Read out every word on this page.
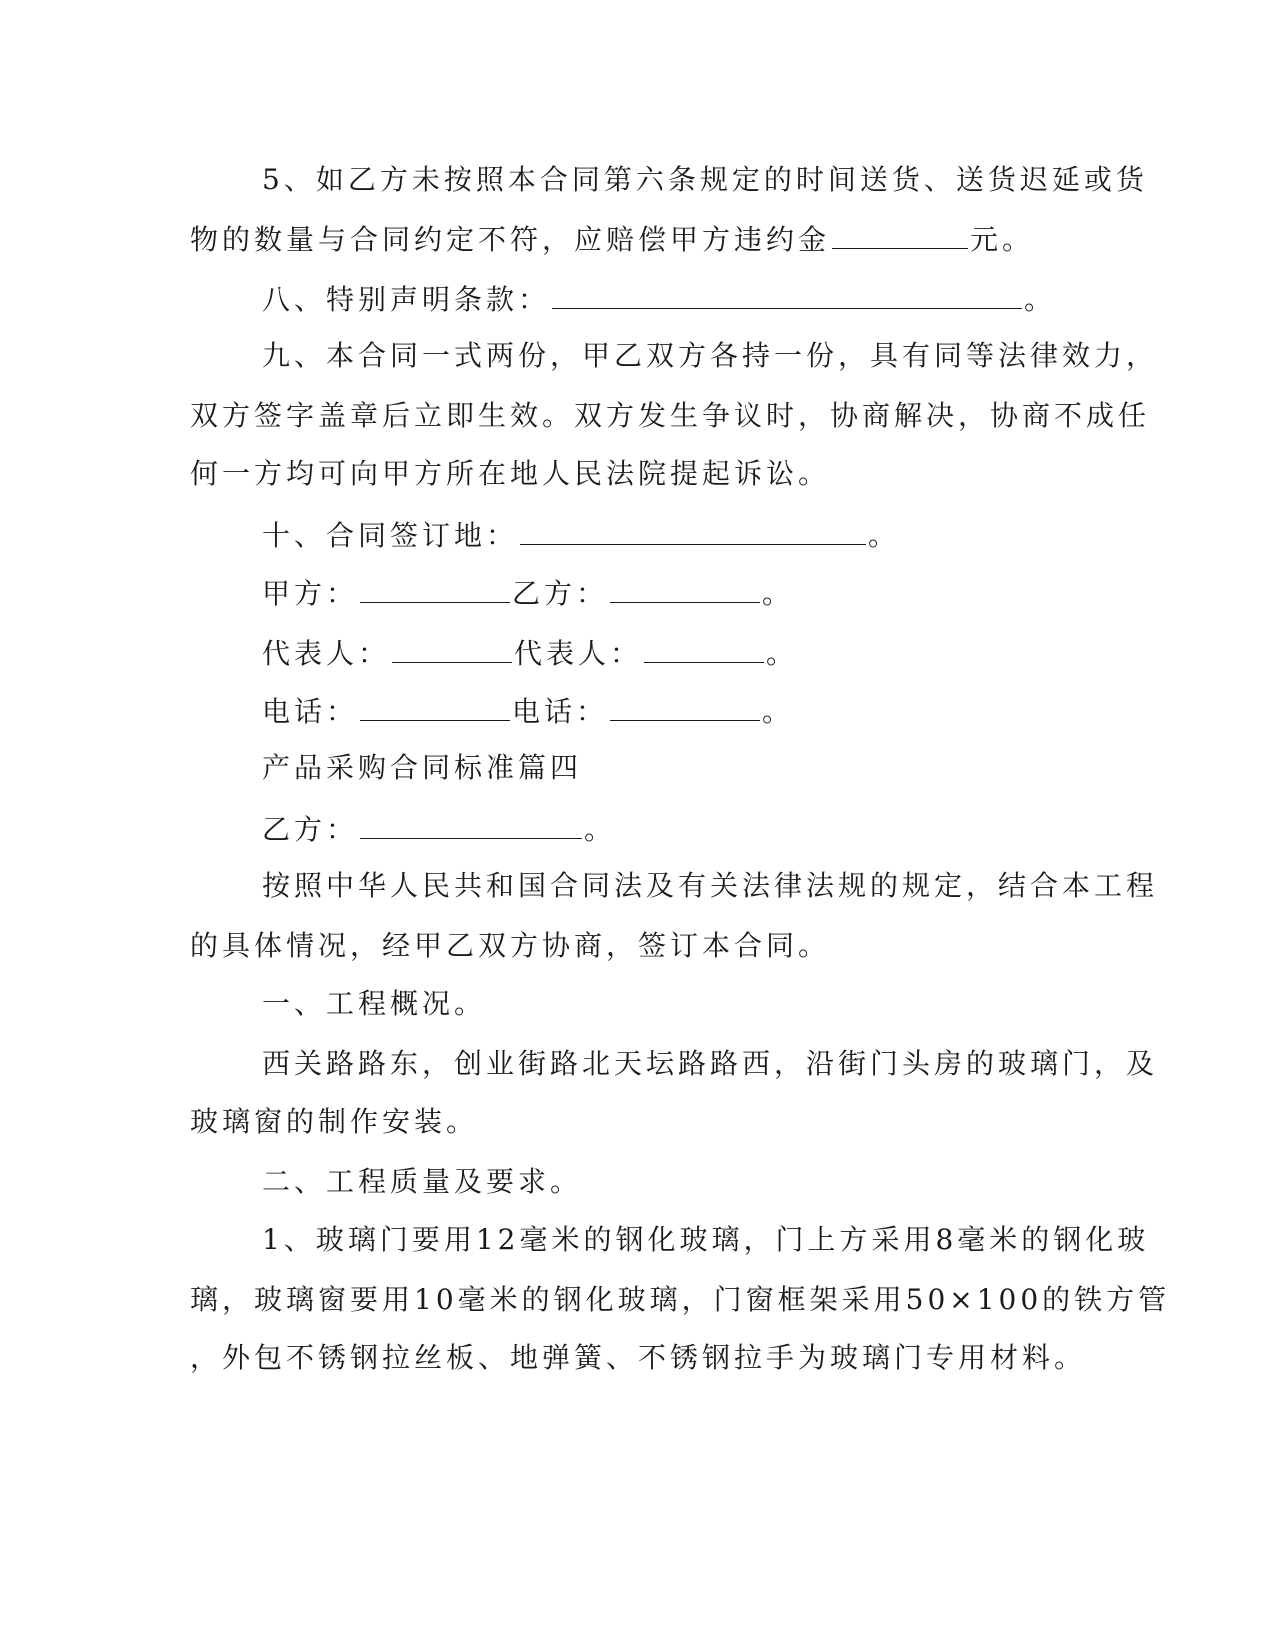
5、如乙方未按照本合同第六条规定的时间送货、送货迟延或货
物的数量与合同约定不符，应赔偿甲方违约金	元。
八、特别声明条款：	。
九、本合同一式两份，甲乙双方各持一份，具有同等法律效力，
双方签字盖章后立即生效。双方发生争议时，协商解决，协商不成任
何一方均可向甲方所在地人民法院提起诉讼。
十、合同签订地：	。
甲方：	乙方：	。
代表人：	代表人：	。
电话：	电话：	。
产品采购合同标准篇四
乙方：	。
按照中华人民共和国合同法及有关法律法规的规定，结合本工程
的具体情况，经甲乙双方协商，签订本合同。
一、工程概况。
西关路路东，创业街路北天坛路路西，沿街门头房的玻璃门，及
玻璃窗的制作安装。
二、工程质量及要求。
1、玻璃门要用12毫米的钢化玻璃，门上方采用8毫米的钢化玻
璃，玻璃窗要用10毫米的钢化玻璃，门窗框架采用50×100的铁方管
，外包不锈钢拉丝板、地弹簧、不锈钢拉手为玻璃门专用材料。
